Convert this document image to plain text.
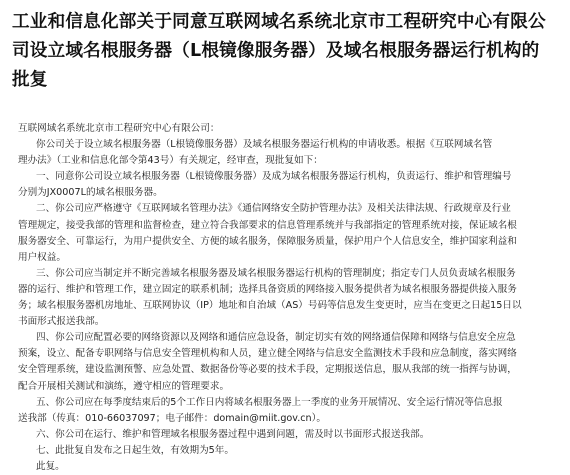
工业和信息化部关于同意互联网域名系统北京市工程研究中心有限公
司设立域名根服务器（L根镜像服务器）及域名根服务器运行机构的
批复

互联网域名系统北京市工程研究中心有限公司：

你公司关于设立域名根服务器（L根镜像服务器）及域名根服务器运行机构的申请收悉。根据《互联网域名管

理办法》（工业和信息化部令第43号）有关规定，经审查，现批复如下：

一、同意你公司设立域名根服务器（L根镜像服务器）及成为域名根服务器运行机构，负责运行、维护和管理编号

分别为JX0007L的域名根服务器。

二、你公司应严格遵守《互联网域名管理办法》《通信网络安全防护管理办法》及相关法律法规、行政规章及行业

管理规定，接受我部的管理和监督检查，建立符合我部要求的信息管理系统并与我部指定的管理系统对接，保证域名根

服务器安全、可靠运行，为用户提供安全、方便的域名服务，保障服务质量，保护用户个人信息安全，维护国家利益和

用户权益。

三、你公司应当制定并不断完善域名根服务器及域名根服务器运行机构的管理制度；指定专门人员负责域名根服务

器的运行、维护和管理工作，建立固定的联系机制；选择具备资质的网络接入服务提供者为域名根服务器提供接入服务

务；域名根服务器机房地址、互联网协议（IP）地址和自治域（AS）号码等信息发生变更时，应当在变更之日起15日以

书面形式报送我部。

四、你公司应配置必要的网络资源以及网络和通信应急设备，制定切实有效的网络通信保障和网络与信息安全应急

预案，设立、配备专职网络与信息安全管理机构和人员，建立健全网络与信息安全监测技术手段和应急制度，落实网络

安全管理系统，建设监测预警、应急处置、数据备份等必要的技术手段，定期报送信息，服从我部的统一指挥与协调，

配合开展相关测试和演练，遵守相应的管理要求。

五、你公司应在每季度结束后的5个工作日内将域名根服务器上一季度的业务开展情况、安全运行情况等信息报

送我部（传真：010-66037097；电子邮件：domain@miit.gov.cn）。

六、你公司在运行、维护和管理域名根服务器过程中遇到问题，需及时以书面形式报送我部。

七、此批复自发布之日起生效，有效期为5年。

此复。
